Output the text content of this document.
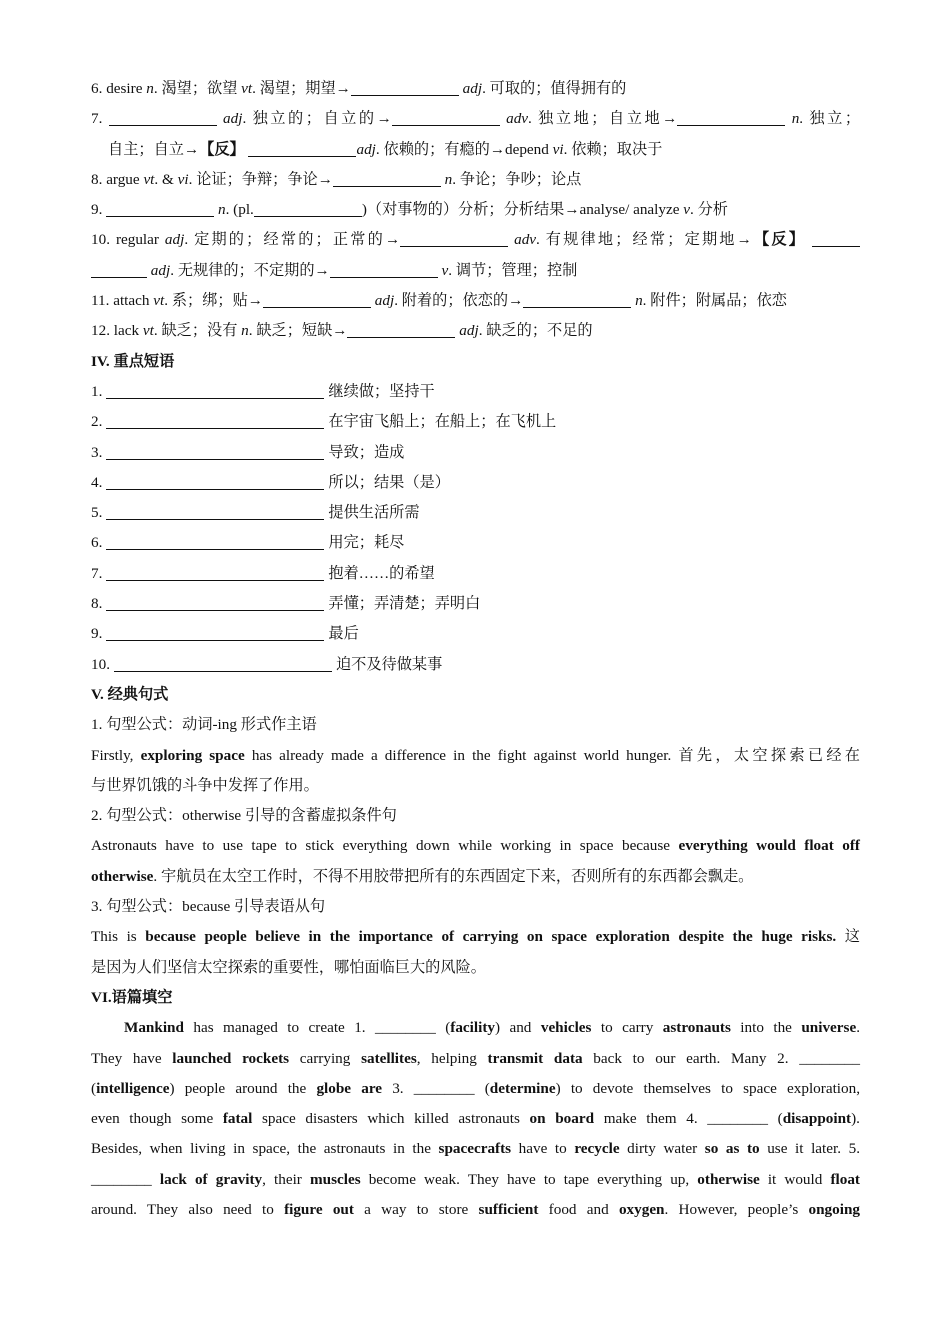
6. desire n. 渴望；欲望 vt. 渴望；期望→	adj. 可取的；值得拥有的
7.	adj. 独立的；自立的→	adv. 独立地；自立地→	n. 独立；
自主；自立→【反】	adj. 依赖的；有瘾的→depend vi. 依赖；取决于
8. argue vt. & vi. 论证；争辩；争论→	n. 争论；争吵；论点
9.	n. (pl.	)（对事物的）分析；分析结果→analyse/ analyze v. 分析
10. regular adj. 定期的；经常的；正常的→	adv. 有规律地；经常；定期地→【反】
adj. 无规律的；不定期的→	v. 调节；管理；控制
11. attach vt. 系；绑；贴→	adj. 附着的；依恋的→	n. 附件；附属品；依恋
12. lack vt. 缺乏；没有 n. 缺乏；短缺→	adj. 缺乏的；不足的
IV. 重点短语
1.	继续做；坚持干
2.	在宇宙飞船上；在船上；在飞机上
3.	导致；造成
4.	所以；结果（是）
5.	提供生活所需
6.	用完；耗尽
7.	抱着……的希望
8.	弄懂；弄清楚；弄明白
9.	最后
10.	迫不及待做某事
V. 经典句式
1. 句型公式：动词-ing 形式作主语
Firstly, exploring space has already made a difference in the fight against world hunger. 首先，太空探索已经在
与世界饥饿的斗争中发挥了作用。
2. 句型公式：otherwise 引导的含蓄虚拟条件句
Astronauts have to use tape to stick everything down while working in space because everything would float off
otherwise. 宇航员在太空工作时，不得不用胶带把所有的东西固定下来，否则所有的东西都会飘走。
3. 句型公式：because 引导表语从句
This is because people believe in the importance of carrying on space exploration despite the huge risks. 这
是因为人们坚信太空探索的重要性，哪怕面临巨大的风险。
VI.语篇填空
Mankind has managed to create 1. ________ (facility) and vehicles to carry astronauts into the universe.
They have launched rockets carrying satellites, helping transmit data back to our earth. Many 2. ________
(intelligence) people around the globe are 3. ________ (determine) to devote themselves to space exploration,
even though some fatal space disasters which killed astronauts on board make them 4. ________ (disappoint).
Besides, when living in space, the astronauts in the spacecrafts have to recycle dirty water so as to use it later. 5.
________ lack of gravity, their muscles become weak. They have to tape everything up, otherwise it would float
around. They also need to figure out a way to store sufficient food and oxygen. However, people’s ongoing
